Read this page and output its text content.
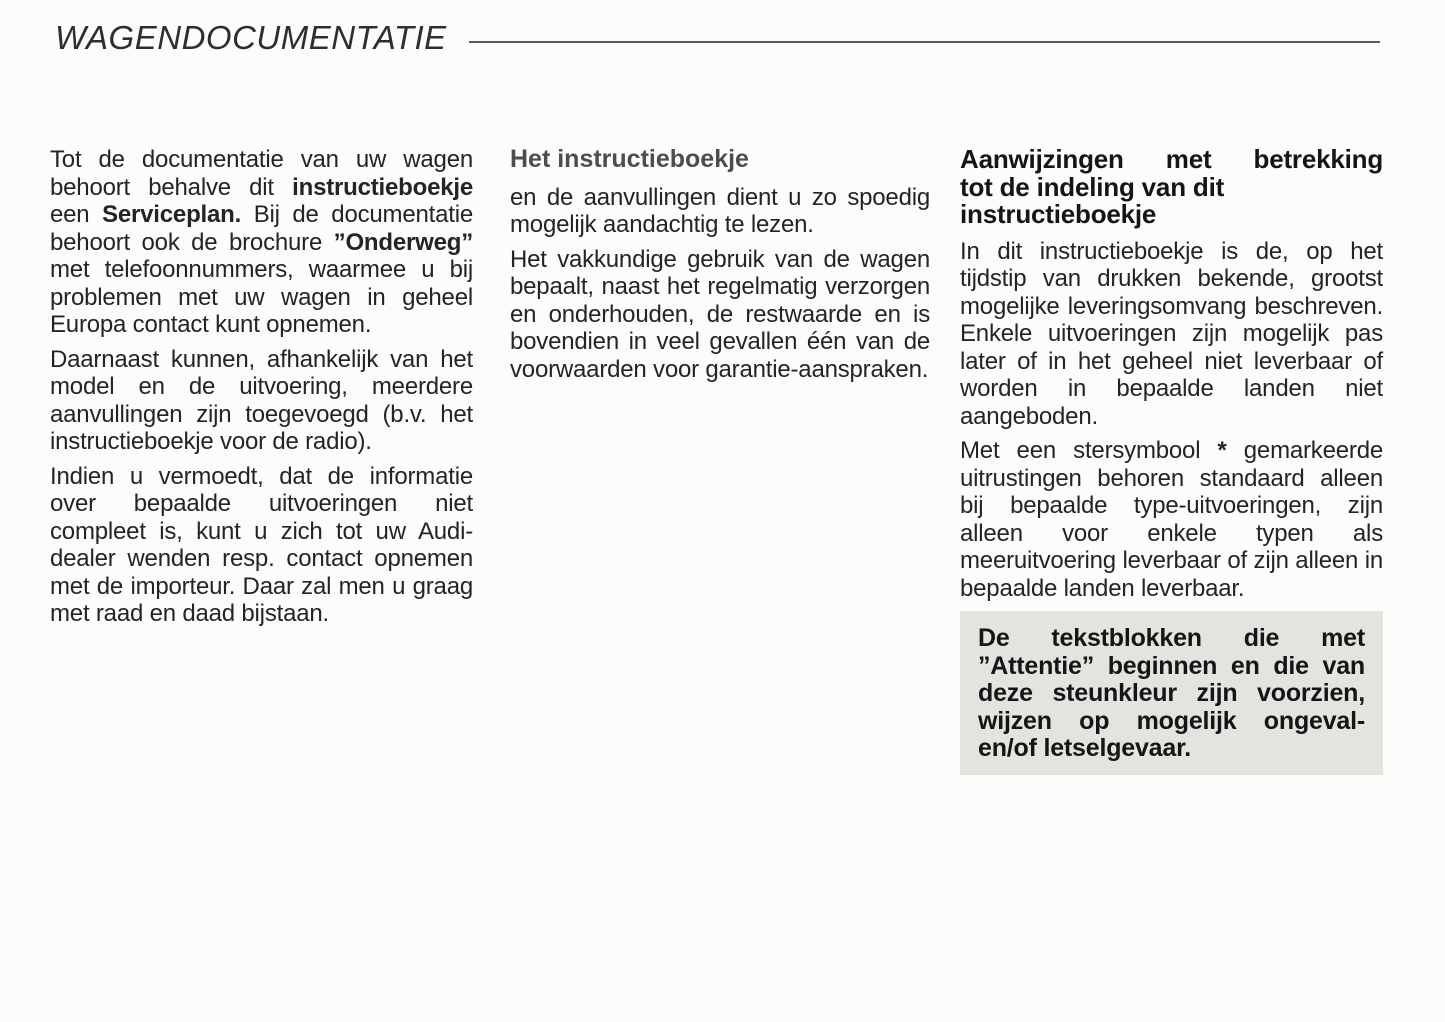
WAGENDOCUMENTATIE

Tot de documentatie van uw wagen behoort behalve dit instructieboekje een Serviceplan. Bij de documentatie behoort ook de brochure ”Onderweg” met telefoonnummers, waarmee u bij problemen met uw wagen in geheel Europa contact kunt opnemen.

Daarnaast kunnen, afhankelijk van het model en de uitvoering, meerdere aanvullingen zijn toegevoegd (b.v. het instructieboekje voor de radio).

Indien u vermoedt, dat de informatie over bepaalde uitvoeringen niet compleet is, kunt u zich tot uw Audi-dealer wenden resp. contact opnemen met de importeur. Daar zal men u graag met raad en daad bijstaan.

Het instructieboekje

en de aanvullingen dient u zo spoedig mogelijk aandachtig te lezen.

Het vakkundige gebruik van de wagen bepaalt, naast het regelmatig verzorgen en onderhouden, de restwaarde en is bovendien in veel gevallen één van de voorwaarden voor garantie-aanspraken.

Aanwijzingen met betrekking
tot de indeling van dit
instructieboekje

In dit instructieboekje is de, op het tijdstip van drukken bekende, grootst mogelijke leveringsomvang beschreven. Enkele uitvoeringen zijn mogelijk pas later of in het geheel niet leverbaar of worden in bepaalde landen niet aangeboden.

Met een stersymbool * gemarkeerde uitrustingen behoren standaard alleen bij bepaalde type-uitvoeringen, zijn alleen voor enkele typen als meeruitvoering leverbaar of zijn alleen in bepaalde landen leverbaar.

De tekstblokken die met ”Attentie” beginnen en die van deze steunkleur zijn voorzien, wijzen op mogelijk ongeval- en/of letselgevaar.
